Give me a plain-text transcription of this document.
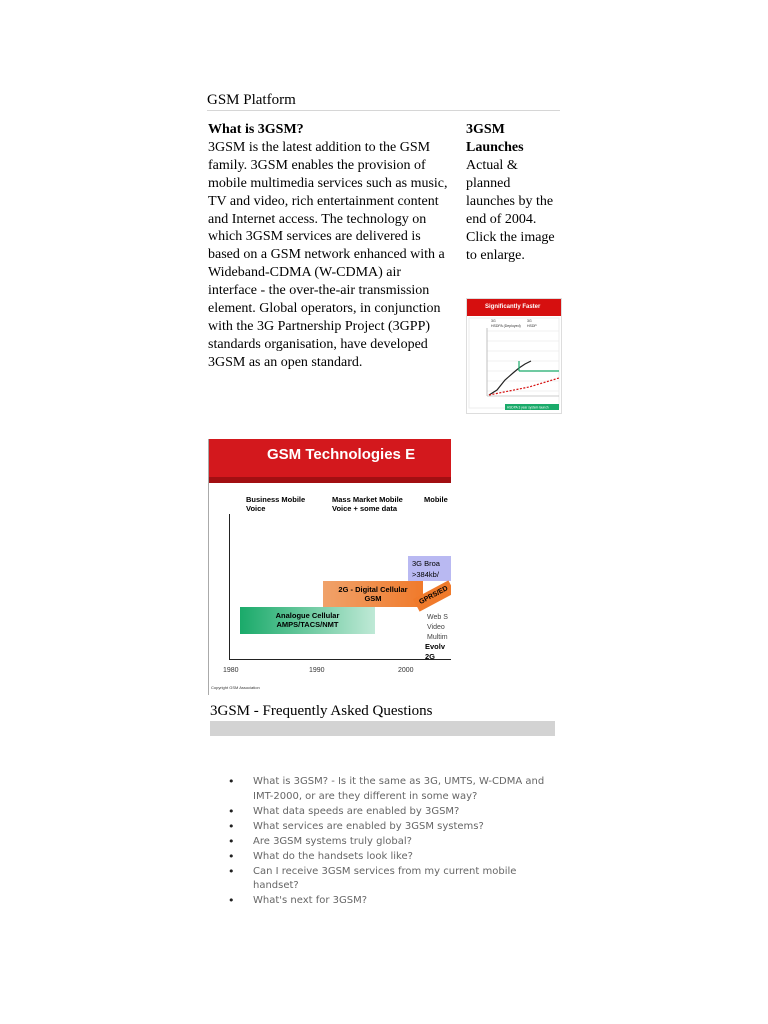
GSM Platform
What is 3GSM?
3GSM is the latest addition to the GSM family. 3GSM enables the provision of mobile multimedia services such as music, TV and video, rich entertainment content and Internet access. The technology on which 3GSM services are delivered is based on a GSM network enhanced with a Wideband-CDMA (W-CDMA) air interface - the over-the-air transmission element. Global operators, in conjunction with the 3G Partnership Project (3GPP) standards organisation, have developed 3GSM as an open standard.
3GSM Launches
Actual & planned launches by the end of 2004. Click the image to enlarge.
Significantly Faster
3G	3G
HSDPA (Deployed) HSDP
HSDPA 3 year system launch
GSM Technologies E
Business Mobile
Voice
Mass Market Mobile
Voice + some data
Mobile
3G Broa
>384kb/
2G - Digital Cellular
GSM	GPRS/ED
Analogue Cellular
AMPS/TACS/NMT
Web S
Video
Multim
Evolv
2G
1980	1990	2000
Copyright GSM Association
3GSM - Frequently Asked Questions
• What is 3GSM? - Is it the same as 3G, UMTS, W-CDMA and IMT-2000, or are they different in some way?
• What data speeds are enabled by 3GSM?
• What services are enabled by 3GSM systems?
• Are 3GSM systems truly global?
• What do the handsets look like?
• Can I receive 3GSM services from my current mobile handset?
• What's next for 3GSM?
